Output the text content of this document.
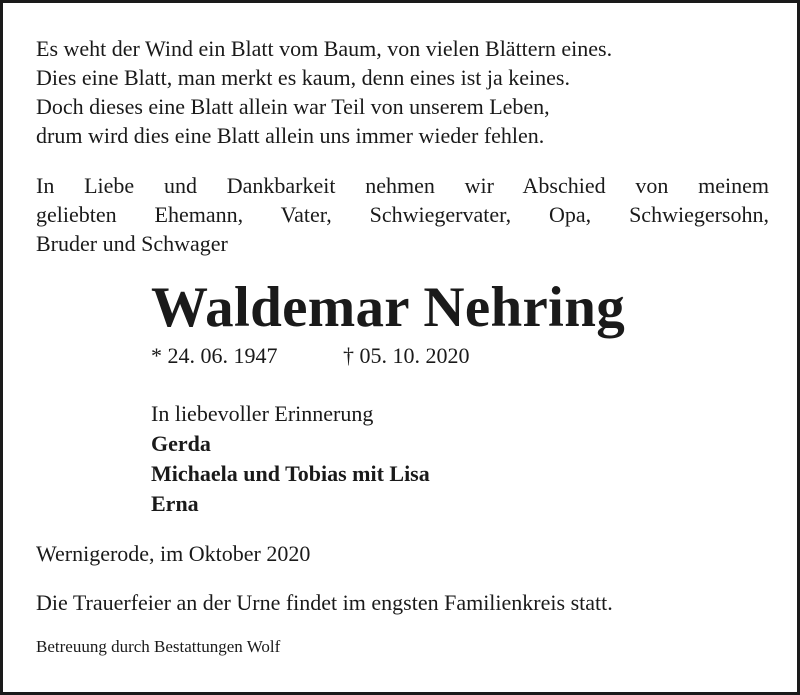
Es weht der Wind ein Blatt vom Baum, von vielen Blättern eines.
Dies eine Blatt, man merkt es kaum, denn eines ist ja keines.
Doch dieses eine Blatt allein war Teil von unserem Leben,
drum wird dies eine Blatt allein uns immer wieder fehlen.
In Liebe und Dankbarkeit nehmen wir Abschied von meinem
geliebten Ehemann, Vater, Schwiegervater, Opa, Schwiegersohn,
Bruder und Schwager
Waldemar Nehring
* 24. 06. 1947	† 05. 10. 2020
In liebevoller Erinnerung
Gerda
Michaela und Tobias mit Lisa
Erna
Wernigerode, im Oktober 2020
Die Trauerfeier an der Urne findet im engsten Familienkreis statt.
Betreuung durch Bestattungen Wolf
